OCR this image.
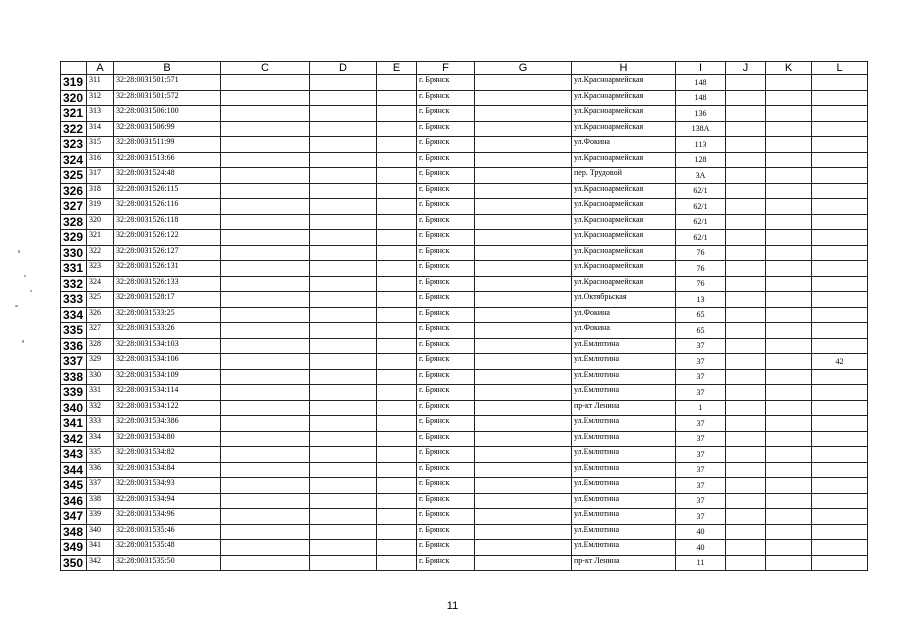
	A	B	C	D	E	F	G	H	I	J	K	L
319	311	32:28:0031501:571				г. Брянск		ул.Красноармейская	148			
320	312	32:28:0031501:572				г. Брянск		ул.Красноармейская	148			
321	313	32:28:0031506:100				г. Брянск		ул.Красноармейская	136			
322	314	32:28:0031506:99				г. Брянск		ул.Красноармейская	138А			
323	315	32:28:0031511:99				г. Брянск		ул.Фокина	113			
324	316	32:28:0031513:66				г. Брянск		ул.Красноармейская	128			
325	317	32:28:0031524:48				г. Брянск		пер. Трудовой	3А			
326	318	32:28:0031526:115				г. Брянск		ул.Красноармейская	62/1			
327	319	32:28:0031526:116				г. Брянск		ул.Красноармейская	62/1			
328	320	32:28:0031526:118				г. Брянск		ул.Красноармейская	62/1			
329	321	32:28:0031526:122				г. Брянск		ул.Красноармейская	62/1			
330	322	32:28:0031526:127				г. Брянск		ул.Красноармейская	76			
331	323	32:28:0031526:131				г. Брянск		ул.Красноармейская	76			
332	324	32:28:0031526:133				г. Брянск		ул.Красноармейская	76			
333	325	32:28:0031528:17				г. Брянск		ул.Октябрьская	13			
334	326	32:28:0031533:25				г. Брянск		ул.Фокина	65			
335	327	32:28:0031533:26				г. Брянск		ул.Фокина	65			
336	328	32:28:0031534:103				г. Брянск		ул.Емлютина	37			
337	329	32:28:0031534:106				г. Брянск		ул.Емлютина	37			42
338	330	32:28:0031534:109				г. Брянск		ул.Емлютина	37			
339	331	32:28:0031534:114				г. Брянск		ул.Емлютина	37			
340	332	32:28:0031534:122				г. Брянск		пр-кт Ленина	1			
341	333	32:28:0031534:386				г. Брянск		ул.Емлютина	37			
342	334	32:28:0031534:80				г. Брянск		ул.Емлютина	37			
343	335	32:28:0031534:82				г. Брянск		ул.Емлютина	37			
344	336	32:28:0031534:84				г. Брянск		ул.Емлютина	37			
345	337	32:28:0031534:93				г. Брянск		ул.Емлютина	37			
346	338	32:28:0031534:94				г. Брянск		ул.Емлютина	37			
347	339	32:28:0031534:96				г. Брянск		ул.Емлютина	37			
348	340	32:28:0031535:46				г. Брянск		ул.Емлютина	40			
349	341	32:28:0031535:48				г. Брянск		ул.Емлютина	40			
350	342	32:28:0031535:50				г. Брянск		пр-кт Ленина	11			
11
